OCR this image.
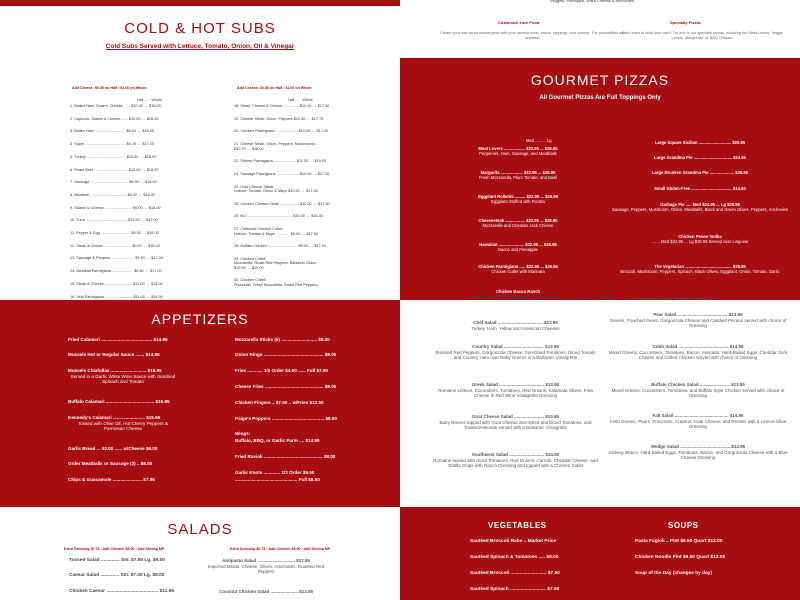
COLD & HOT SUBS
Cold Subs Served with Lettuce, Tomato, Onion, Oil & Vinegar
Add Cheese: $0.50 on Half • $1.00 on Whole	Add Cheese: $0.50 on Half • $1.00 on Whole
Half ...... Whole	Half ...... Whole
1. Boiled Ham, Salami, Cheese ...... $10.00 .... $16.00
2. Capicola, Salami & Cheese ...... $10.00 .... $16.00
3. Boiled Ham ............................. $9.00 .... $16.00
4. Super ...................................... $9.75 .... $17.00
5. Turkey ..................................... $10.00 .... $18.00
6. Roast Beef ................................ $10.00 .... $18.00
7. Sausage .................................... $9.00 .... $16.00
8. Meatball ................................... $9.00 .... $16.00
9. Salami & Cheese .......................... $9.00 .... $16.00
10. Tuna ....................................... $10.00 .... $17.00
11. Pepper & Egg ............................ $9.00 .... $16.00
12. Steak & Onions .......................... $9.00 .... $16.00
13. Sausage & Peppers ...................... $9.50 .... $17.00
14. Meatball Parmigiana .................... $9.50 .... $17.00
15. Steak & Cheese .......................... $11.00 .... $18.00
16. Veal Parmigiana .......................... $11.00 .... $18.00
18. Steak, Cheese & Onions ............... $10.00 .... $17.50
19. Cheese Steak, Onion, Peppers $10.50 .... $17.75
20. Chicken Parmigiana ..................... $10.00 .... $17.00
21. Cheese Steak, Onion, Peppers, Mushrooms .....
$10.75 .... $18.00
22. Shrimp Parmigiana ..................... $11.00 .... $19.00
23. Sausage Parmigiana ..................... $10.00 .... $17.00
24. Cold Cheese Steak:
Lettuce, Tomato, Onion & Mayo $10.50 .... $17.50
25. Chicken Cheese Steak .................. $10.00 .... $17.50
26. BLT .......................................... $10.00 .... $16.00
27. California Chicken Cutlet:
Lettuce, Tomato & Mayo ............. $9.50 .... $17.50
28. Buffalo Chicken ............................ $9.50 .... $17.00
29. Chicken Cutlet:
Mozzarella, Roast Red Peppers, Balsamic Glaze
$10.95 .... $19.00
30. Chicken Cutlet:
Prosciutto, Fresh Mozzarella, Roast Red Peppers,
Veggies, Pineapple, Extra Cheese & Anchovies
Customize Your Pizza
Create your own pizza masterpiece with your favorite crust, sauce, toppings, and cheese. The possibilities are endless!
Specialty Pizzas
Don't want to build your own? Try one of our specialty pizzas, including the Meat Lovers, Veggie Lovers, Margherita, or BBQ Chicken.
GOURMET PIZZAS
All Gourmet Pizzas Are Full Toppings Only
Med ......... Lg
Meat Lovers .................. $22.95 ... $26.95
Pepperoni, Ham, Sausage, and Meatballs
Margarita ................... $22.95 ... $26.95
Fresh Mozzarella, Plum Tomato, and Basil
Eggplant Rollatini ......... $22.95 ... $26.95
Eggplant Stuffed with Ricotta
Cheesesteak ................. $22.95 ... $26.95
Mozzarella and Cheddar Jack Cheese
Hawaiian ...................... $22.95 ... $26.95
Bacon and Pineapple
Chicken Parmigiana ..... $22.95 ... $26.95
Chicken Cutlet with Marinara
Chicken Bacon Ranch
Large Square Sicilian ............................ $20.95
Large Grandma Pie ................................. $24.95
Large Drunken Grandma Pie ..................... $25.95
Small Gluten-Free ................................... $14.50
Garbage Pie ..... Med $24.95 ... Lg $28.95
Sausage, Peppers, Mushroom, Onion, Meatballs, Black and Green Olives, Peppers, Anchovies
Chicken Penne Vodka
....... Med $24.95 ... Lg $28.95 Served over Linguine
The Vegetarian ........................................ $28.95
Broccoli, Mushroom, Peppers, Spinach, Black Olives, Eggplant, Onion, Tomato, Garlic
APPETIZERS
Fried Calamari ........................................ $14.95
Mussels Hot or Regular Sauce ....... $14.95
Mussels Chiafullas ............................ $15.95
Served in a Garlic White Wine Sauce with Sundried Spinach and Tomato
Buffalo Calamari ...................................... $15.95
Kennedy's Calamari ......................... $15.95
Tossed with Olive Oil, Hot Cherry Peppers & Parmesan Cheese
Garlic Bread ... $3.00 ...... w/Cheese $6.00
Order Meatballs or Sausage (3) .. $8.00
Chips & Guacamole ....................... $7.95
Mozzarella Sticks (6) ............................ $8.00
Onion Rings ............................................... $8.00
Fries ............ 1/2 Order $4.50 ...... Full $7.00
Cheese Fries .............................................. $8.00
Chicken Fingers .. $7.50 .. w/Fries $12.50
Paige's Poppers ......................................... $8.00
Wings:
Buffalo, BBQ, or Garlic Parm .... $14.95
Fried Ravioli .............................................. $8.00
Garlic Knots ............. 1/2 Order $5.50
................................................. Full $8.50
Fresh Mozzarella, Tomatoes & Basil Salad ............................. $13.95	Served with a Honey Mustard Dressing
Chef Salad .................................... $13.95
Turkey, Ham, Yellow and American Cheeses
Country Salad ................................ $13.95
Roasted Red Peppers, Gorgonzola Cheese, Sun-Dried Tomatoes, Diced Tomato and Country Ham over Baby Greens in a Balsamic Vinaigrette
Greek Salad .................................... $13.95
Romaine Lettuce, Cucumbers, Tomatoes, Red Onions, Kalamata Olives, Feta Cheese in Red Wine Vinaigrette Dressing
Goat Cheese Salad ........................ $13.95
Baby Greens topped with Goat Cheese,Sun-Dried and Diced Tomatoes, and ToastedAlmonds served with a Balsamic Vinaigrette
Southwest Salad ............................ $14.95
Romaine tossed with diced Tomatoes, Red Onions, Carrots, Cheddar Cheese, and Tortilla Chips with Ranch Dressing and topped with a Chicken Cutlet
Pear Salad ........................................ $13.95
Greens, Poached Pears, Gorgonzola Cheese and Candied Pecans served with choice of Dressing
Cobb Salad ........................................ $14.95
Mixed Greens, Cucumbers, Tomatoes, Bacon, Avocado, Hard-Boiled Eggs, Cheddar Jack Cheese and Grilled Chicken served with choice of Dressing
Buffalo Chicken Salad ........................ $13.95
Mixed Greens, Cucumbers, Tomatoes, and Buffalo Style Chicken served with choice of Dressing
Fall Salad ........................................... $14.95
Field Greens, Pears, Prosciutto, Craisins, Goat Cheese, and Pecans with a Lemon-Olive Dressing
Wedge Salad ........................................ $14.95
Iceberg lettuce, Hard-Boiled Eggs, Tomatoes, Bacon, and Gorgonzola Cheese with a Blue Cheese Dressing
SALADS
Extra Dressing $0.75 • Add Chicken $5.00 • Add Shrimp MP	Extra Dressing $0.75 • Add Chicken $5.00 • Add Shrimp MP
Tossed Salad .............. Sm. $7.50 Lg. $9.50
Caesar Salad .............. Sm. $7.00 Lg. $9.00
Chicken Caesar ....................................... $11.95
Antipasto Salad .............................. $17.95
Imported Meats, Cheese, Olives, Artichokes, Roasted Red Peppers
Coconut Chicken Salad ...................... $13.95
VEGETABLES	SOUPS
Sautéed Broccoli Rabe .. Market Price
Sautéed Spinach & Tomatoes ..... $8.00
Sautéed Broccoli ........................... $7.50
Sautéed Spinach ........................... $7.50
Pasta Fagioli .. Pint $6.50 Quart $12.00
Chicken Noodle Pint $6.50 Quart $12.00
Soup of the Day (changes by day)
